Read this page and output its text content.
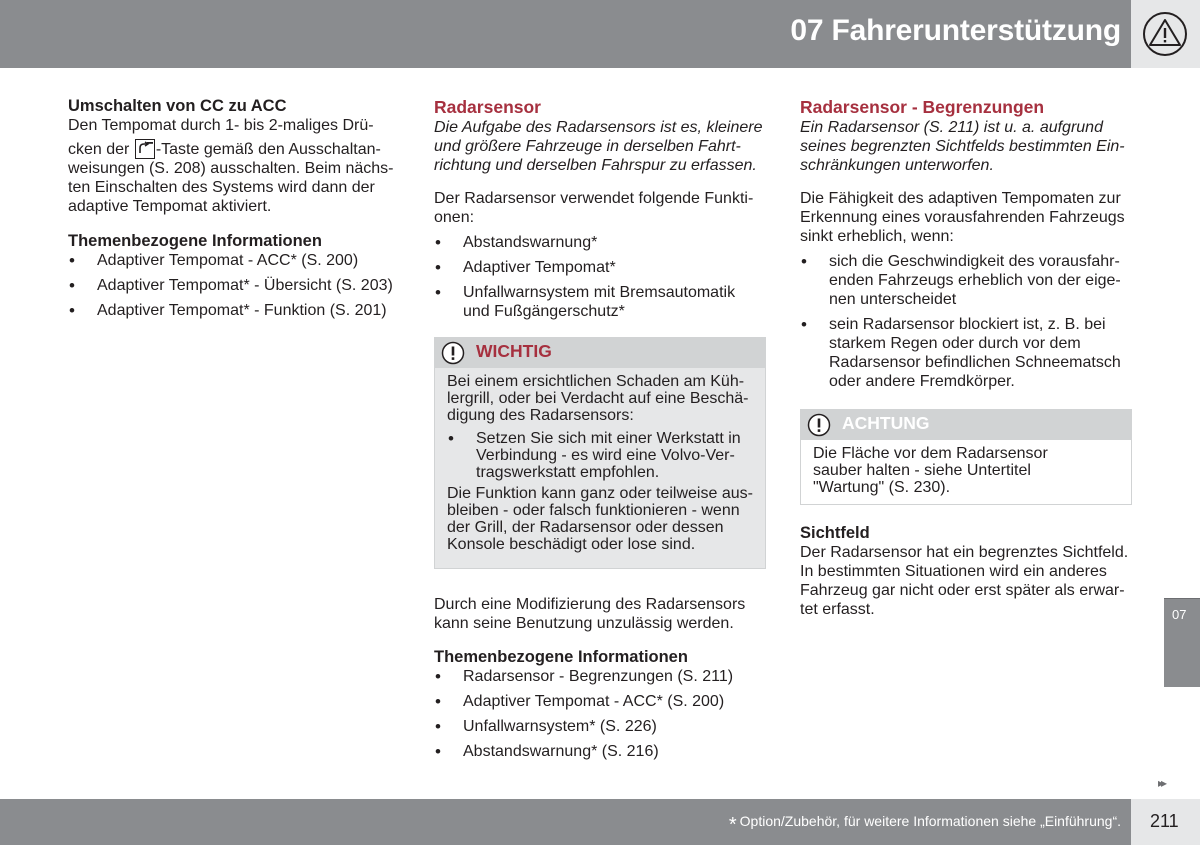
07 Fahrerunterstützung
Umschalten von CC zu ACC

Den Tempomat durch 1- bis 2-maliges Drü-

cken der -Taste gemäß den Ausschaltan-

weisungen (S. 208) ausschalten. Beim nächs-ten Einschalten des Systems wird dann der adaptive Tempomat aktiviert.

Themenbezogene Informationen
• Adaptiver Tempomat - ACC* (S. 200)
• Adaptiver Tempomat* - Übersicht (S. 203)
• Adaptiver Tempomat* - Funktion (S. 201)
Radarsensor

Die Aufgabe des Radarsensors ist es, kleinere und größere Fahrzeuge in derselben Fahrt-richtung und derselben Fahrspur zu erfassen.

Der Radarsensor verwendet folgende Funkti-onen:

• Abstandswarnung*
• Adaptiver Tempomat*
• Unfallwarnsystem mit Bremsautomatik und Fußgängerschutz*
WICHTIG

Bei einem ersichtlichen Schaden am Küh-lergrill, oder bei Verdacht auf eine Beschä-digung des Radarsensors:

• Setzen Sie sich mit einer Werkstatt in Verbindung - es wird eine Volvo-Ver-tragswerkstatt empfohlen.

Die Funktion kann ganz oder teilweise aus-bleiben - oder falsch funktionieren - wenn der Grill, der Radarsensor oder dessen Konsole beschädigt oder lose sind.

Durch eine Modifizierung des Radarsensors kann seine Benutzung unzulässig werden.

Themenbezogene Informationen
• Radarsensor - Begrenzungen (S. 211)
• Adaptiver Tempomat - ACC* (S. 200)
• Unfallwarnsystem* (S. 226)
• Abstandswarnung* (S. 216)
Radarsensor - Begrenzungen

Ein Radarsensor (S. 211) ist u. a. aufgrund seines begrenzten Sichtfelds bestimmten Ein-schränkungen unterworfen.

Die Fähigkeit des adaptiven Tempomaten zur Erkennung eines vorausfahrenden Fahrzeugs sinkt erheblich, wenn:

• sich die Geschwindigkeit des vorausfahr-enden Fahrzeugs erheblich von der eige-nen unterscheidet
• sein Radarsensor blockiert ist, z. B. bei starkem Regen oder durch vor dem Radarsensor befindlichen Schneematsch oder andere Fremdkörper.
ACHTUNG

Die Fläche vor dem Radarsensor sauber halten - siehe Untertitel "Wartung" (S. 230).

Sichtfeld

Der Radarsensor hat ein begrenztes Sichtfeld. In bestimmten Situationen wird ein anderes Fahrzeug gar nicht oder erst später als erwar-tet erfasst.	07
▸▸
* Option/Zubehör, für weitere Informationen siehe „Einführung“. 211
